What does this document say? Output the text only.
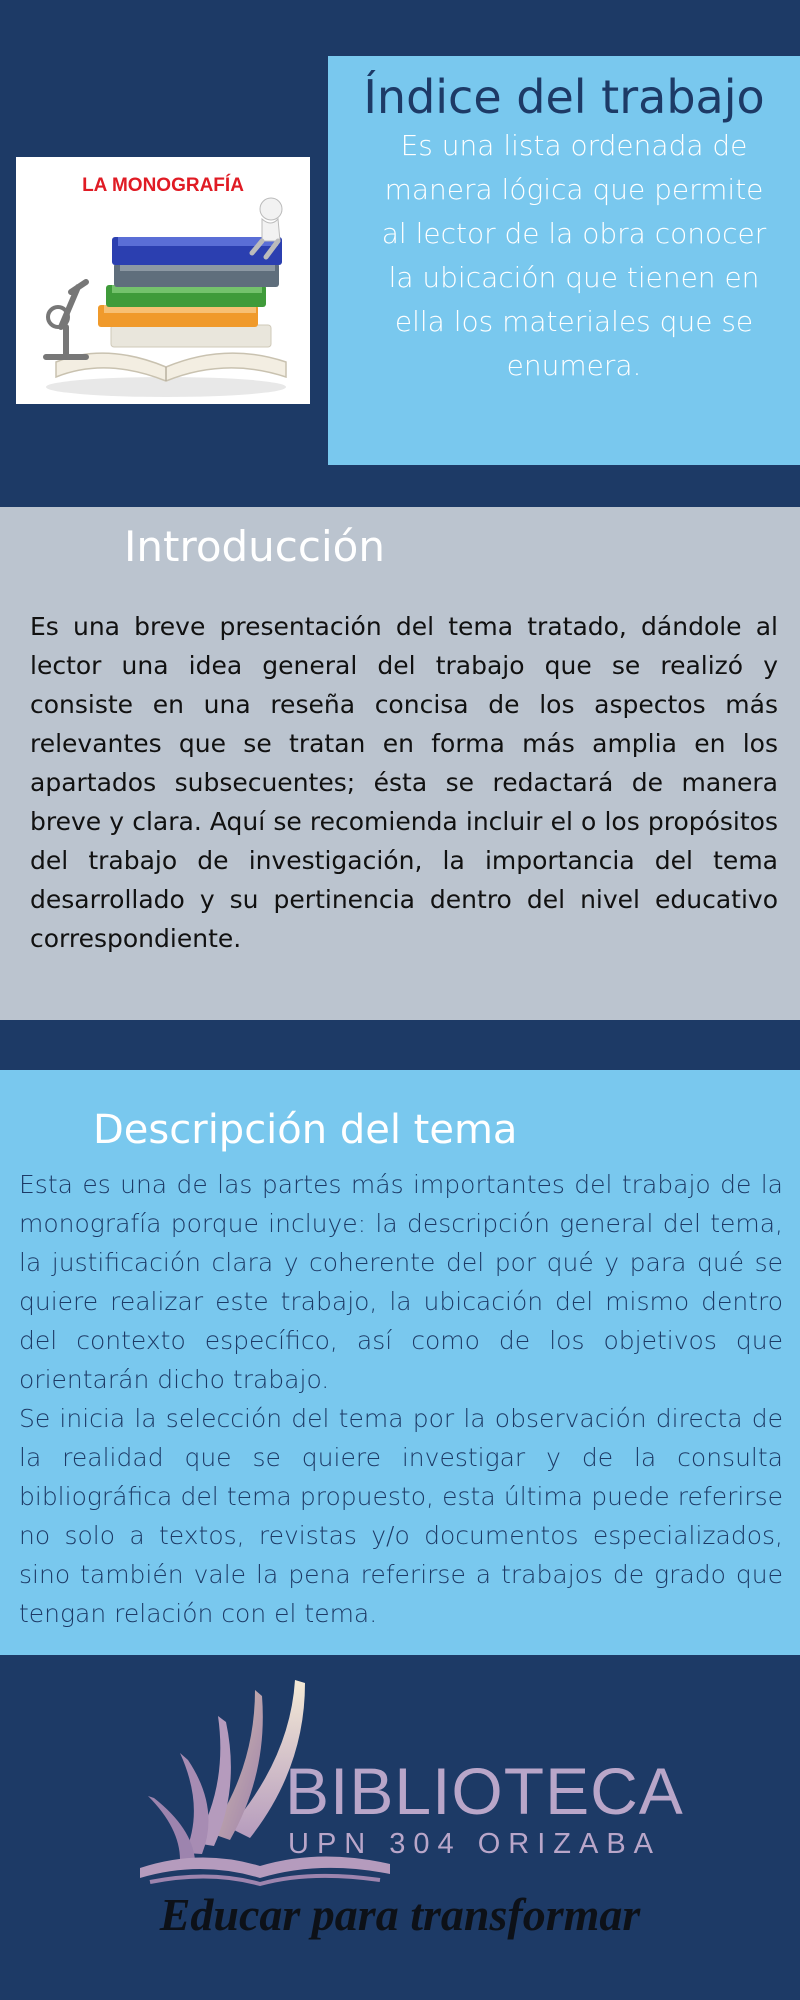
LA MONOGRAFÍA
Índice del trabajo
Es una lista ordenada de manera lógica que permite al lector de la obra conocer la ubicación que tienen en ella los materiales que se enumera.
Introducción
Es una breve presentación del tema tratado, dándole al lector una idea general del trabajo que se realizó y consiste en una reseña concisa de los aspectos más relevantes que se tratan en forma más amplia en los apartados subsecuentes; ésta se redactará de manera breve y clara. Aquí se recomienda incluir el o los propósitos del trabajo de investigación, la importancia del tema desarrollado y su pertinencia dentro del nivel educativo correspondiente.
Descripción del tema

Esta es una de las partes más importantes del trabajo de la monografía porque incluye: la descripción general del tema, la justificación clara y coherente del por qué y para qué se quiere realizar este trabajo, la ubicación del mismo dentro del contexto específico, así como de los objetivos que orientarán dicho trabajo.

Se inicia la selección del tema por la observación directa de la realidad que se quiere investigar y de la consulta bibliográfica del tema propuesto, esta última puede referirse no solo a textos, revistas y/o documentos especializados, sino también vale la pena referirse a trabajos de grado que tengan relación con el tema.

BIBLIOTECA
UPN 304 ORIZABA
Educar para transformar
